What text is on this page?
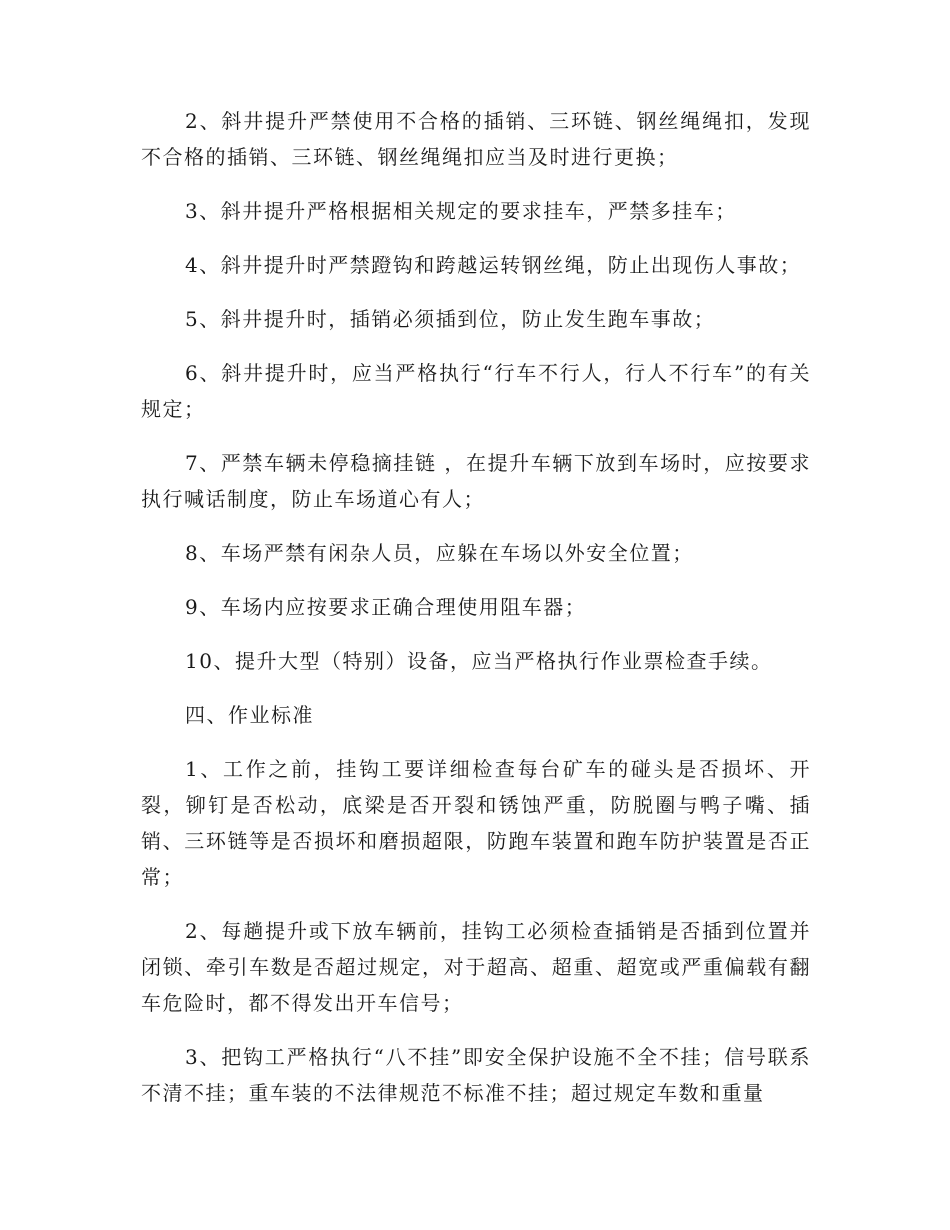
2、斜井提升严禁使用不合格的插销、三环链、钢丝绳绳扣，发现不合格的插销、三环链、钢丝绳绳扣应当及时进行更换；

3、斜井提升严格根据相关规定的要求挂车，严禁多挂车；

4、斜井提升时严禁蹬钩和跨越运转钢丝绳，防止出现伤人事故；

5、斜井提升时，插销必须插到位，防止发生跑车事故；

6、斜井提升时，应当严格执行“行车不行人，行人不行车”的有关规定；

7、严禁车辆未停稳摘挂链 ，在提升车辆下放到车场时，应按要求执行喊话制度，防止车场道心有人；

8、车场严禁有闲杂人员，应躲在车场以外安全位置；

9、车场内应按要求正确合理使用阻车器；

10、提升大型（特别）设备，应当严格执行作业票检查手续。

四、作业标准

1、工作之前，挂钩工要详细检查每台矿车的碰头是否损坏、开裂，铆钉是否松动，底梁是否开裂和锈蚀严重，防脱圈与鸭子嘴、插销、三环链等是否损坏和磨损超限，防跑车装置和跑车防护装置是否正常；

2、每趟提升或下放车辆前，挂钩工必须检查插销是否插到位置并闭锁、牵引车数是否超过规定，对于超高、超重、超宽或严重偏载有翻车危险时，都不得发出开车信号；

3、把钩工严格执行“八不挂”即安全保护设施不全不挂；信号联系不清不挂；重车装的不法律规范不标准不挂；超过规定车数和重量
